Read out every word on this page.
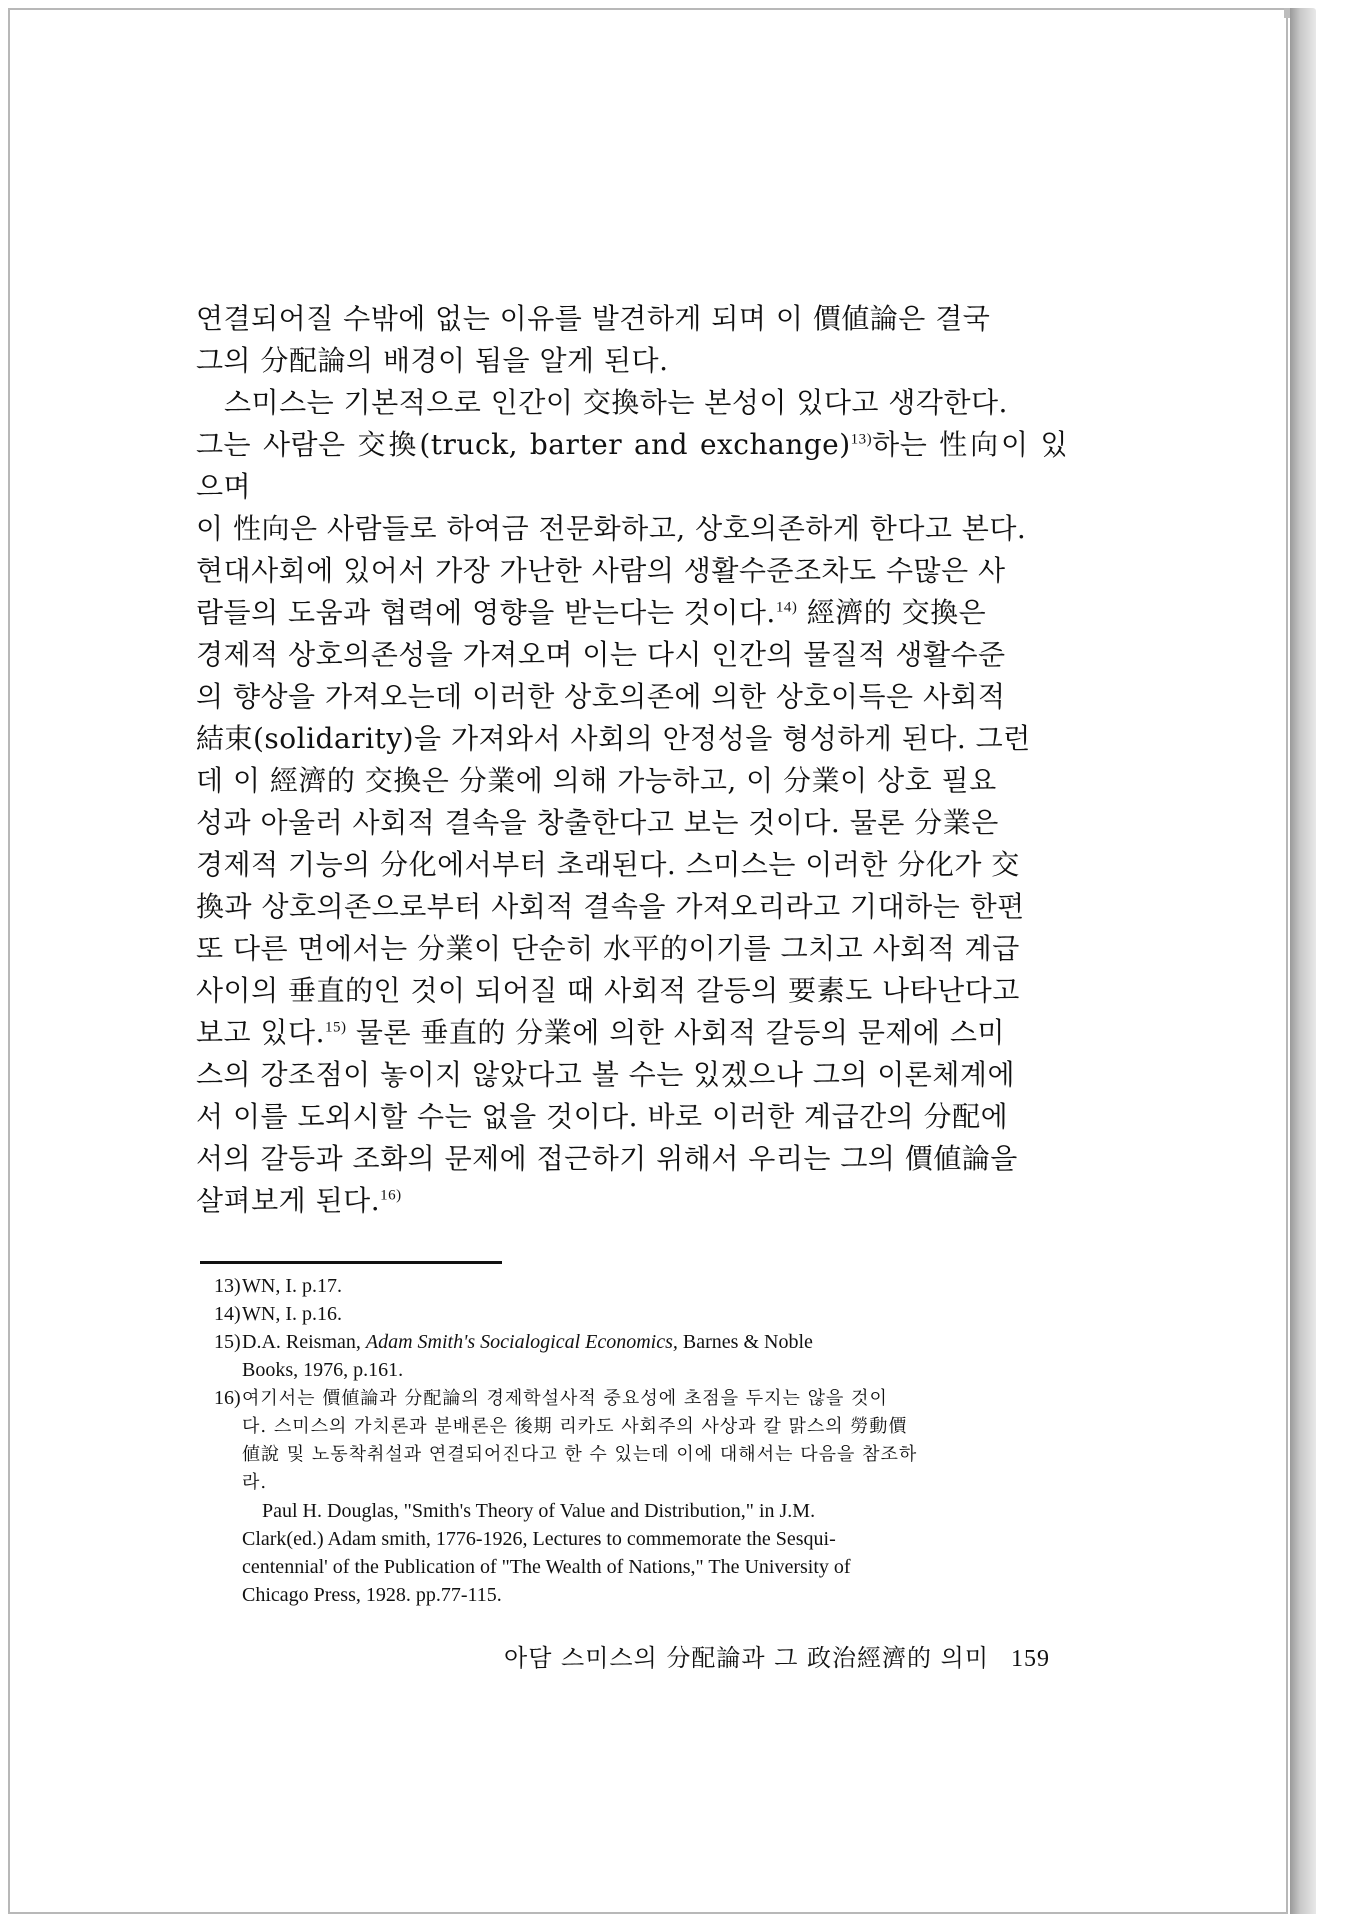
연결되어질 수밖에 없는 이유를 발견하게 되며 이 價値論은 결국

그의 分配論의 배경이 됨을 알게 된다.

스미스는 기본적으로 인간이 交換하는 본성이 있다고 생각한다.

그는 사람은 交換(truck, barter and exchange)$^{13)}$하는 性向이 있으며

이 性向은 사람들로 하여금 전문화하고, 상호의존하게 한다고 본다.

현대사회에 있어서 가장 가난한 사람의 생활수준조차도 수많은 사

람들의 도움과 협력에 영향을 받는다는 것이다.$^{14)}$ 經濟的 交換은

경제적 상호의존성을 가져오며 이는 다시 인간의 물질적 생활수준

의 향상을 가져오는데 이러한 상호의존에 의한 상호이득은 사회적

結束(solidarity)을 가져와서 사회의 안정성을 형성하게 된다. 그런

데 이 經濟的 交換은 分業에 의해 가능하고, 이 分業이 상호 필요

성과 아울러 사회적 결속을 창출한다고 보는 것이다. 물론 分業은

경제적 기능의 分化에서부터 초래된다. 스미스는 이러한 分化가 交

換과 상호의존으로부터 사회적 결속을 가져오리라고 기대하는 한편

또 다른 면에서는 分業이 단순히 水平的이기를 그치고 사회적 계급

사이의 垂直的인 것이 되어질 때 사회적 갈등의 要素도 나타난다고

보고 있다.$^{15)}$ 물론 垂直的 分業에 의한 사회적 갈등의 문제에 스미

스의 강조점이 놓이지 않았다고 볼 수는 있겠으나 그의 이론체계에

서 이를 도외시할 수는 없을 것이다. 바로 이러한 계급간의 分配에

서의 갈등과 조화의 문제에 접근하기 위해서 우리는 그의 價値論을

살펴보게 된다.$^{16)}$

13)WN, I. p.17.

14)WN, I. p.16.

15)D.A. Reisman, Adam Smith's Socialogical Economics, Barnes & Noble

Books, 1976, p.161.

16)여기서는 價値論과 分配論의 경제학설사적 중요성에 초점을 두지는 않을 것이

다. 스미스의 가치론과 분배론은 後期 리카도 사회주의 사상과 칼 맑스의 勞動價

値說 및 노동착취설과 연결되어진다고 한 수 있는데 이에 대해서는 다음을 참조하

라.

Paul H. Douglas, "Smith's Theory of Value and Distribution," in J.M.

Clark(ed.) Adam smith, 1776-1926, Lectures to commemorate the Sesqui-

centennial' of the Publication of "The Wealth of Nations," The University of

Chicago Press, 1928. pp.77-115.

아담 스미스의 分配論과 그 政治經濟的 의미 159
